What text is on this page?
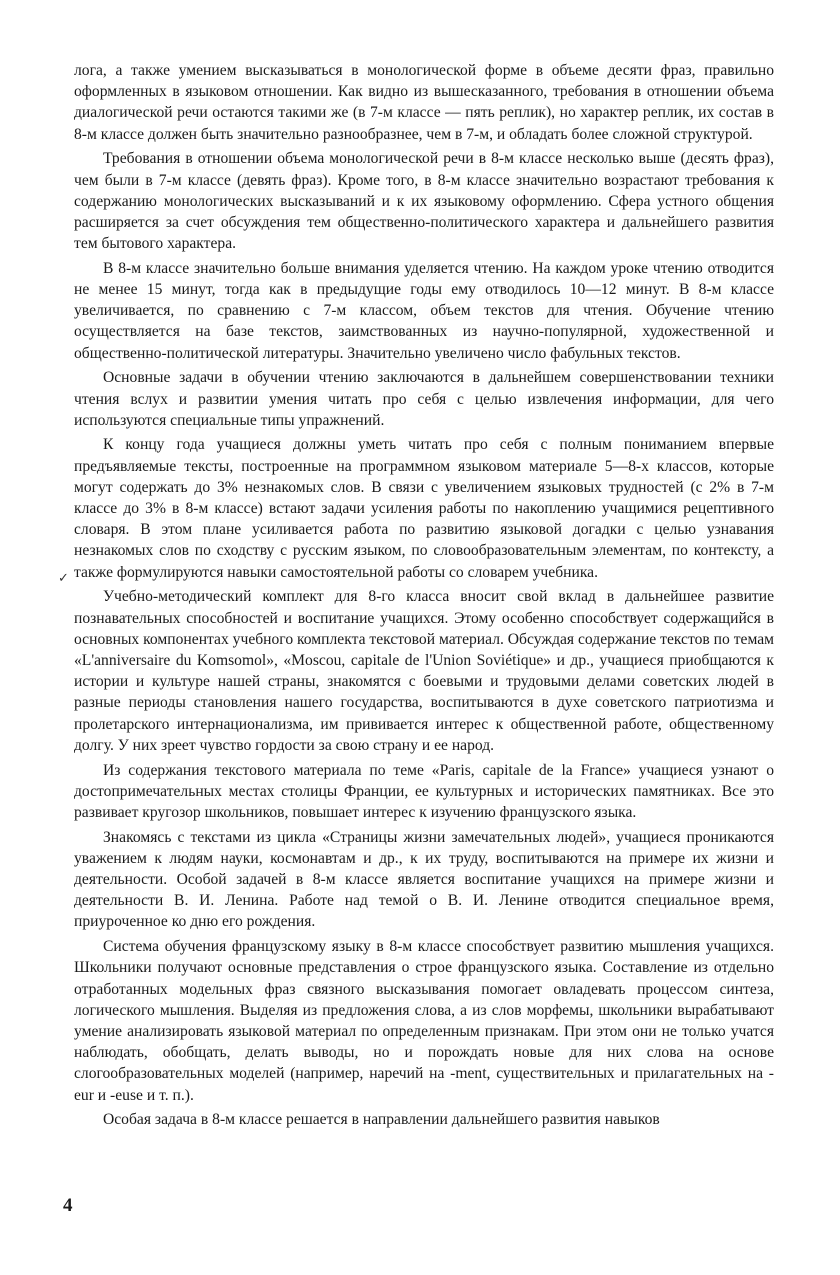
лога, а также умением высказываться в монологической форме в объеме десяти фраз, правильно оформленных в языковом отношении. Как видно из вышесказанного, требования в отношении объема диалогической речи остаются такими же (в 7-м классе — пять реплик), но характер реплик, их состав в 8-м классе должен быть значительно разнообразнее, чем в 7-м, и обладать более сложной структурой.

Требования в отношении объема монологической речи в 8-м классе несколько выше (десять фраз), чем были в 7-м классе (девять фраз). Кроме того, в 8-м классе значительно возрастают требования к содержанию монологических высказываний и к их языковому оформлению. Сфера устного общения расширяется за счет обсуждения тем общественно-политического характера и дальнейшего развития тем бытового характера.

В 8-м классе значительно больше внимания уделяется чтению. На каждом уроке чтению отводится не менее 15 минут, тогда как в предыдущие годы ему отводилось 10—12 минут. В 8-м классе увеличивается, по сравнению с 7-м классом, объем текстов для чтения. Обучение чтению осуществляется на базе текстов, заимствованных из научно-популярной, художественной и общественно-политической литературы. Значительно увеличено число фабульных текстов.

Основные задачи в обучении чтению заключаются в дальнейшем совершенствовании техники чтения вслух и развитии умения читать про себя с целью извлечения информации, для чего используются специальные типы упражнений.

К концу года учащиеся должны уметь читать про себя с полным пониманием впервые предъявляемые тексты, построенные на программном языковом материале 5—8-х классов, которые могут содержать до 3% незнакомых слов. В связи с увеличением языковых трудностей (с 2% в 7-м классе до 3% в 8-м классе) встают задачи усиления работы по накоплению учащимися рецептивного словаря. В этом плане усиливается работа по развитию языковой догадки с целью узнавания незнакомых слов по сходству с русским языком, по словообразовательным элементам, по контексту, а также формулируются навыки самостоятельной работы со словарем учебника.

Учебно-методический комплект для 8-го класса вносит свой вклад в дальнейшее развитие познавательных способностей и воспитание учащихся. Этому особенно способствует содержащийся в основных компонентах учебного комплекта текстовой материал. Обсуждая содержание текстов по темам «L'anniversaire du Komsomol», «Moscou, capitale de l'Union Soviétique» и др., учащиеся приобщаются к истории и культуре нашей страны, знакомятся с боевыми и трудовыми делами советских людей в разные периоды становления нашего государства, воспитываются в духе советского патриотизма и пролетарского интернационализма, им прививается интерес к общественной работе, общественному долгу. У них зреет чувство гордости за свою страну и ее народ.

Из содержания текстового материала по теме «Paris, capitale de la France» учащиеся узнают о достопримечательных местах столицы Франции, ее культурных и исторических памятниках. Все это развивает кругозор школьников, повышает интерес к изучению французского языка.

Знакомясь с текстами из цикла «Страницы жизни замечательных людей», учащиеся проникаются уважением к людям науки, космонавтам и др., к их труду, воспитываются на примере их жизни и деятельности. Особой задачей в 8-м классе является воспитание учащихся на примере жизни и деятельности В. И. Ленина. Работе над темой о В. И. Ленине отводится специальное время, приуроченное ко дню его рождения.

Система обучения французскому языку в 8-м классе способствует развитию мышления учащихся. Школьники получают основные представления о строе французского языка. Составление из отдельно отработанных модельных фраз связного высказывания помогает овладевать процессом синтеза, логического мышления. Выделяя из предложения слова, а из слов морфемы, школьники вырабатывают умение анализировать языковой материал по определенным признакам. При этом они не только учатся наблюдать, обобщать, делать выводы, но и порождать новые для них слова на основе слогообразовательных моделей (например, наречий на -ment, существительных и прилагательных на -eur и -euse и т. п.).

Особая задача в 8-м классе решается в направлении дальнейшего развития навыков

✓
4
